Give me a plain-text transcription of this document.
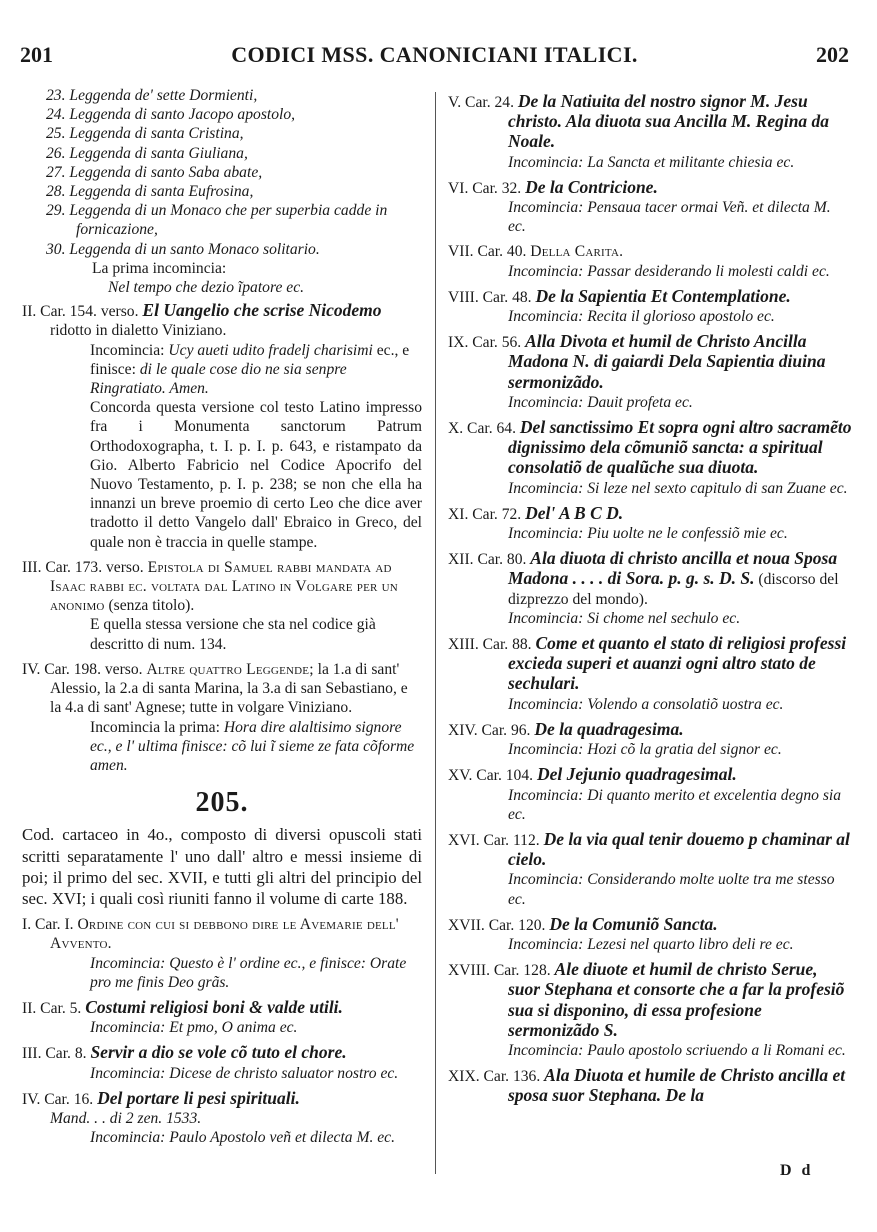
201	CODICI MSS. CANONICIANI ITALICI.	202

23. Leggenda de' sette Dormienti,

24. Leggenda di santo Jacopo apostolo,

25. Leggenda di santa Cristina,

26. Leggenda di santa Giuliana,

27. Leggenda di santo Saba abate,

28. Leggenda di santa Eufrosina,

29. Leggenda di un Monaco che per superbia cadde in fornicazione,

30. Leggenda di un santo Monaco solitario.

La prima incomincia:

Nel tempo che dezio ĩpatore ec.

II. Car. 154. verso. El Uangelio che scrise Nicodemo ridotto in dialetto Viniziano.
Incomincia: Ucy aueti udito fradelj charisimi ec., e finisce: di le quale cose dio ne sia senpre Ringratiato. Amen.

Concorda questa versione col testo Latino impresso fra i Monumenta sanctorum Patrum Orthodoxographa, t. I. p. I. p. 643, e ristampato da Gio. Alberto Fabricio nel Codice Apocrifo del Nuovo Testamento, p. I. p. 238; se non che ella ha innanzi un breve proemio di certo Leo che dice aver tradotto il detto Vangelo dall' Ebraico in Greco, del quale non è traccia in quelle stampe.

III. Car. 173. verso. Epistola di Samuel rabbi mandata ad Isaac rabbi ec. voltata dal Latino in Volgare per un anonimo (senza titolo).

E quella stessa versione che sta nel codice già descritto di num. 134.

IV. Car. 198. verso. Altre quattro Leggende; la 1.a di sant' Alessio, la 2.a di santa Marina, la 3.a di san Sebastiano, e la 4.a di sant' Agnese; tutte in volgare Viniziano.
Incomincia la prima: Hora dire alaltisimo signore ec., e l' ultima finisce: cõ lui ĩ sieme ze fata cõforme amen.
205.

Cod. cartaceo in 4o., composto di diversi opuscoli stati scritti separatamente l' uno dall' altro e messi insieme di poi; il primo del sec. XVII, e tutti gli altri del principio del sec. XVI; i quali così riuniti fanno il volume di carte 188.

I. Car. I. Ordine con cui si debbono dire le Avemarie dell' Avvento.

Incomincia: Questo è l' ordine ec., e finisce: Orate pro me finis Deo grãs.

II. Car. 5. Costumi religiosi boni & valde utili.

Incomincia: Et pmo, O anima ec.

III. Car. 8. Servir a dio se vole cõ tuto el chore.

Incomincia: Dicese de christo saluator nostro ec.

IV. Car. 16. Del portare li pesi spirituali.

Mand. . . di 2 zen. 1533.

Incomincia: Paulo Apostolo veñ et dilecta M. ec.

V. Car. 24. De la Natiuita del nostro signor M. Jesu christo. Ala diuota sua Ancilla M. Regina da Noale.

Incomincia: La Sancta et militante chiesia ec.

VI. Car. 32. De la Contricione.

Incomincia: Pensaua tacer ormai Veñ. et dilecta M. ec.

VII. Car. 40. Della Carita.

Incomincia: Passar desiderando li molesti caldi ec.

VIII. Car. 48. De la Sapientia Et Contemplatione.

Incomincia: Recita il glorioso apostolo ec.

IX. Car. 56. Alla Divota et humil de Christo Ancilla Madona N. di gaiardi Dela Sapientia diuina sermonizãdo.

Incomincia: Dauit profeta ec.

X. Car. 64. Del sanctissimo Et sopra ogni altro sacramẽto dignissimo dela cõmuniõ sancta: a spiritual consolatiõ de qualũche sua diuota.

Incomincia: Si leze nel sexto capitulo di san Zuane ec.

XI. Car. 72. Del' A B C D.

Incomincia: Piu uolte ne le confessiõ mie ec.

XII. Car. 80. Ala diuota di christo ancilla et noua Sposa Madona . . . . di Sora. p. g. s. D. S. (discorso del dizprezzo del mondo).

Incomincia: Si chome nel sechulo ec.

XIII. Car. 88. Come et quanto el stato di religiosi professi excieda superi et auanzi ogni altro stato de sechulari.

Incomincia: Volendo a consolatiõ uostra ec.

XIV. Car. 96. De la quadragesima.

Incomincia: Hozi cõ la gratia del signor ec.

XV. Car. 104. Del Jejunio quadragesimal.

Incomincia: Di quanto merito et excelentia degno sia ec.

XVI. Car. 112. De la via qual tenir douemo p chaminar al cielo.

Incomincia: Considerando molte uolte tra me stesso ec.

XVII. Car. 120. De la Comuniõ Sancta.

Incomincia: Lezesi nel quarto libro deli re ec.

XVIII. Car. 128. Ale diuote et humil de christo Serue, suor Stephana et consorte che a far la profesiõ sua si disponino, di essa profesione sermonizãdo S.

Incomincia: Paulo apostolo scriuendo a li Romani ec.

XIX. Car. 136. Ala Diuota et humile de Christo ancilla et sposa suor Stephana. De la
D d
